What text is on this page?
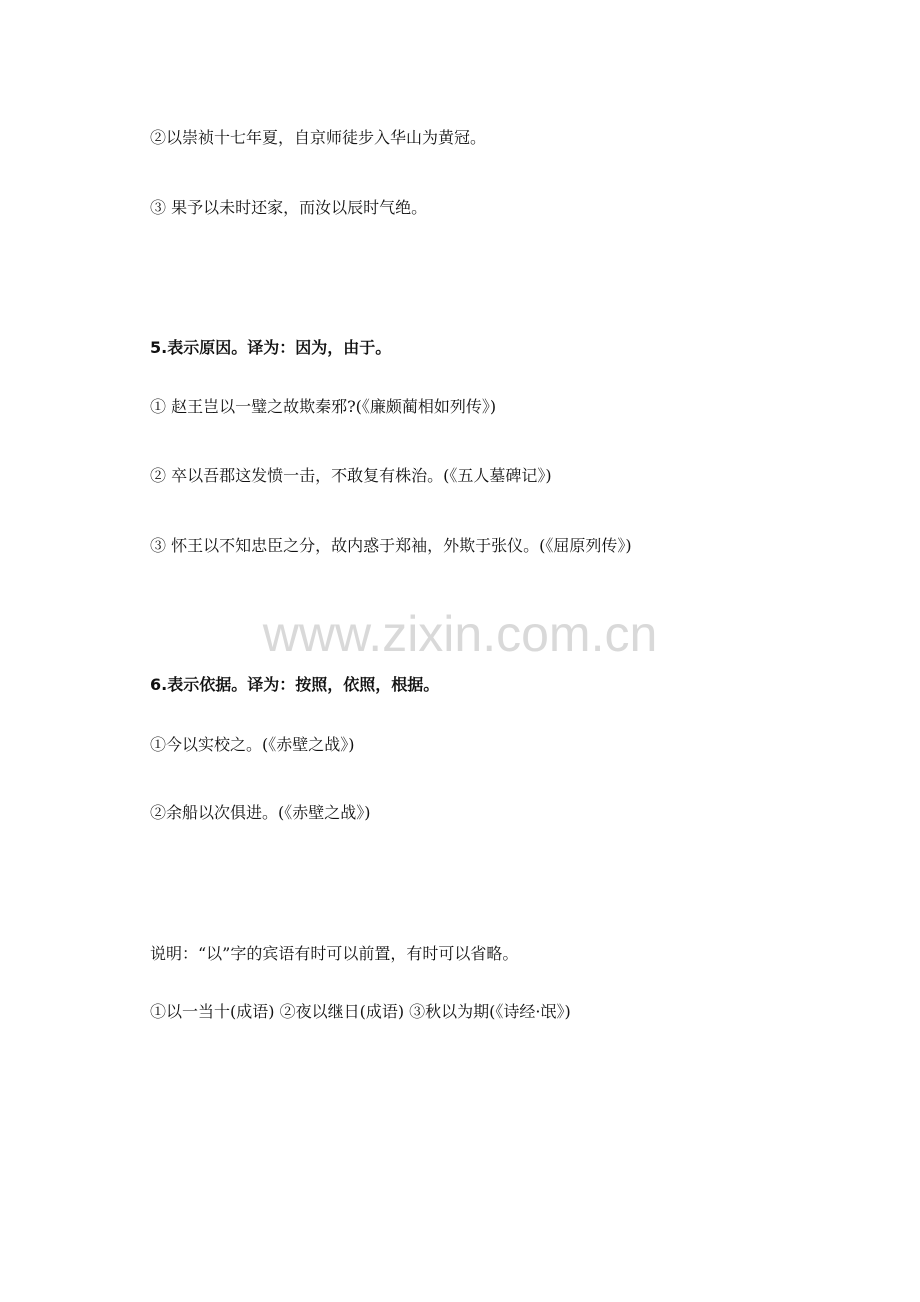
②以崇祯十七年夏，自京师徒步入华山为黄冠。

③ 果予以未时还家，而汝以辰时气绝。

5.表示原因。译为：因为，由于。

① 赵王岂以一璧之故欺秦邪?(《廉颇蔺相如列传》)

② 卒以吾郡这发愤一击，不敢复有株治。(《五人墓碑记》)

③ 怀王以不知忠臣之分，故内惑于郑袖，外欺于张仪。(《屈原列传》)

www.zixin.com.cn

6.表示依据。译为：按照，依照，根据。

①今以实校之。(《赤壁之战》)

②余船以次俱进。(《赤壁之战》)

说明：“以”字的宾语有时可以前置，有时可以省略。

①以一当十(成语) ②夜以继日(成语) ③秋以为期(《诗经·氓》)
